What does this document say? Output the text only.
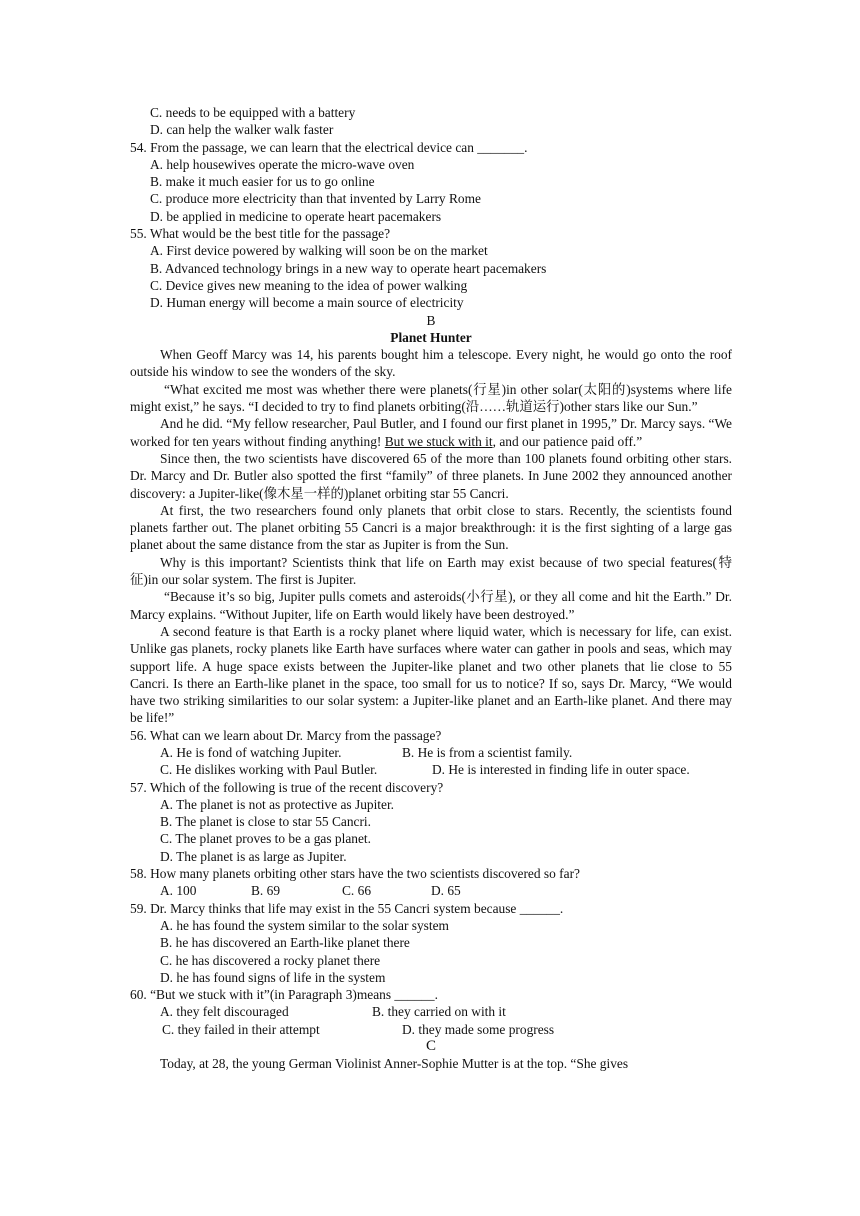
C. needs to be equipped with a battery
D. can help the walker walk faster
54. From the passage, we can learn that the electrical device can _______.
A. help housewives operate the micro-wave oven
B. make it much easier for us to go online
C. produce more electricity than that invented by Larry Rome
D. be applied in medicine to operate heart pacemakers
55. What would be the best title for the passage?
A. First device powered by walking will soon be on the market
B. Advanced technology brings in a new way to operate heart pacemakers
C. Device gives new meaning to the idea of power walking
D. Human energy will become a main source of electricity
B
Planet Hunter
When Geoff Marcy was 14, his parents bought him a telescope. Every night, he would go onto the roof outside his window to see the wonders of the sky.
“What excited me most was whether there were planets(行星)in other solar(太阳的)systems where life might exist,” he says. “I decided to try to find planets orbiting(沿……轨道运行)other stars like our Sun.”
And he did. “My fellow researcher, Paul Butler, and I found our first planet in 1995,” Dr. Marcy says. “We worked for ten years without finding anything! But we stuck with it, and our patience paid off.”
Since then, the two scientists have discovered 65 of the more than 100 planets found orbiting other stars. Dr. Marcy and Dr. Butler also spotted the first “family” of three planets. In June 2002 they announced another discovery: a Jupiter-like(像木星一样的)planet orbiting star 55 Cancri.
At first, the two researchers found only planets that orbit close to stars. Recently, the scientists found planets farther out. The planet orbiting 55 Cancri is a major breakthrough: it is the first sighting of a large gas planet about the same distance from the star as Jupiter is from the Sun.
Why is this important? Scientists think that life on Earth may exist because of two special features(特征)in our solar system. The first is Jupiter.
“Because it’s so big, Jupiter pulls comets and asteroids(小行星), or they all come and hit the Earth.” Dr. Marcy explains. “Without Jupiter, life on Earth would likely have been destroyed.”
A second feature is that Earth is a rocky planet where liquid water, which is necessary for life, can exist. Unlike gas planets, rocky planets like Earth have surfaces where water can gather in pools and seas, which may support life. A huge space exists between the Jupiter-like planet and two other planets that lie close to 55 Cancri. Is there an Earth-like planet in the space, too small for us to notice? If so, says Dr. Marcy, “We would have two striking similarities to our solar system: a Jupiter-like planet and an Earth-like planet. And there may be life!”
56. What can we learn about Dr. Marcy from the passage?
A. He is fond of watching Jupiter.	B. He is from a scientist family.
C. He dislikes working with Paul Butler.	D. He is interested in finding life in outer space.
57. Which of the following is true of the recent discovery?
A. The planet is not as protective as Jupiter.
B. The planet is close to star 55 Cancri.
C. The planet proves to be a gas planet.
D. The planet is as large as Jupiter.
58. How many planets orbiting other stars have the two scientists discovered so far?
A. 100	B. 69	C. 66	D. 65
59. Dr. Marcy thinks that life may exist in the 55 Cancri system because ______.
A. he has found the system similar to the solar system
B. he has discovered an Earth-like planet there
C. he has discovered a rocky planet there
D. he has found signs of life in the system
60. “But we stuck with it”(in Paragraph 3)means ______.
A. they felt discouraged	B. they carried on with it
C. they failed in their attempt	D. they made some progress
C
Today, at 28, the young German Violinist Anner-Sophie Mutter is at the top. “She gives
